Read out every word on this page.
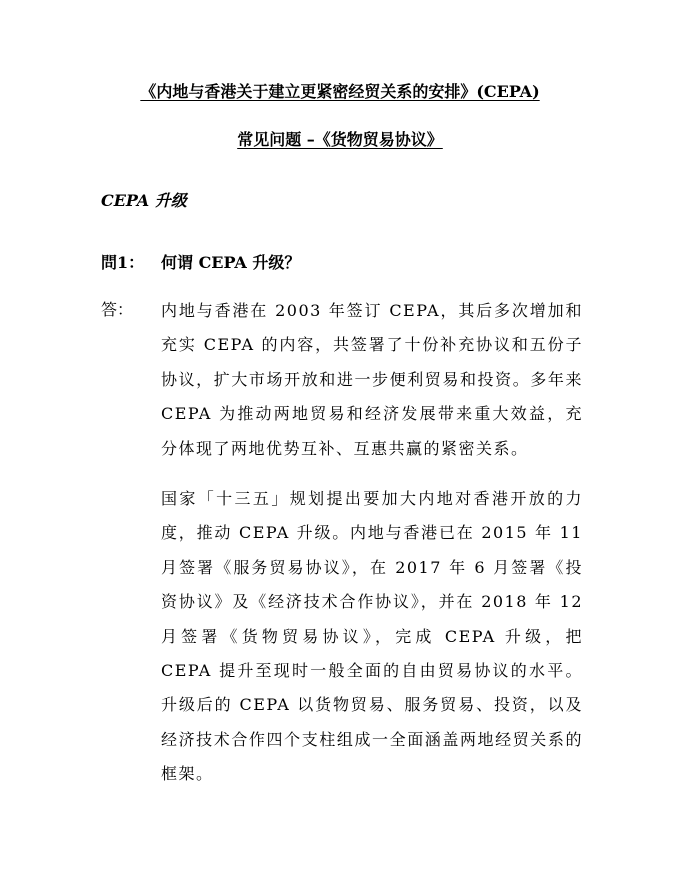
《内地与香港关于建立更紧密经贸关系的安排》(CEPA)
常见问题 –《货物贸易协议》
CEPA 升级
問1： 何谓 CEPA 升级？
答： 内地与香港在 2003 年签订 CEPA，其后多次增加和充实 CEPA 的内容，共签署了十份补充协议和五份子协议，扩大市场开放和进一步便利贸易和投资。多年来 CEPA 为推动两地贸易和经济发展带来重大效益，充分体现了两地优势互补、互惠共赢的紧密关系。

国家「十三五」规划提出要加大内地对香港开放的力度，推动 CEPA 升级。内地与香港已在 2015 年 11 月签署《服务贸易协议》，在 2017 年 6 月签署《投资协议》及《经济技术合作协议》，并在 2018 年 12 月签署《货物贸易协议》，完成 CEPA 升级，把 CEPA 提升至现时一般全面的自由贸易协议的水平。升级后的 CEPA 以货物贸易、服务贸易、投资，以及经济技术合作四个支柱组成一全面涵盖两地经贸关系的框架。
